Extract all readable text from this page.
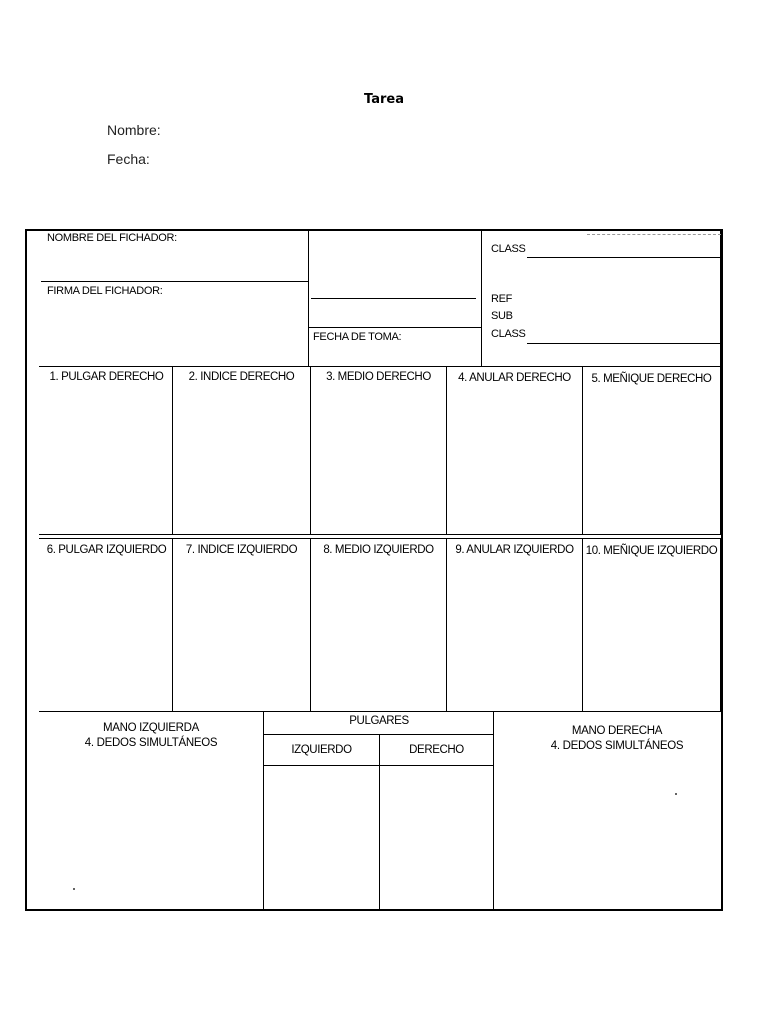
Tarea
Nombre:
Fecha:
NOMBRE DEL FICHADOR:
FIRMA DEL FICHADOR:
FECHA DE TOMA:
CLASS
REF
SUB
CLASS
1. PULGAR DERECHO	2. INDICE DERECHO	3. MEDIO DERECHO	4. ANULAR DERECHO	5. MEÑIQUE DERECHO
6. PULGAR IZQUIERDO	7. INDICE IZQUIERDO	8. MEDIO IZQUIERDO	9. ANULAR IZQUIERDO	10. MEÑIQUE IZQUIERDO
MANO IZQUIERDA
4. DEDOS SIMULTÁNEOS
PULGARES
IZQUIERDO	DERECHO
MANO DERECHA
4. DEDOS SIMULTÁNEOS
